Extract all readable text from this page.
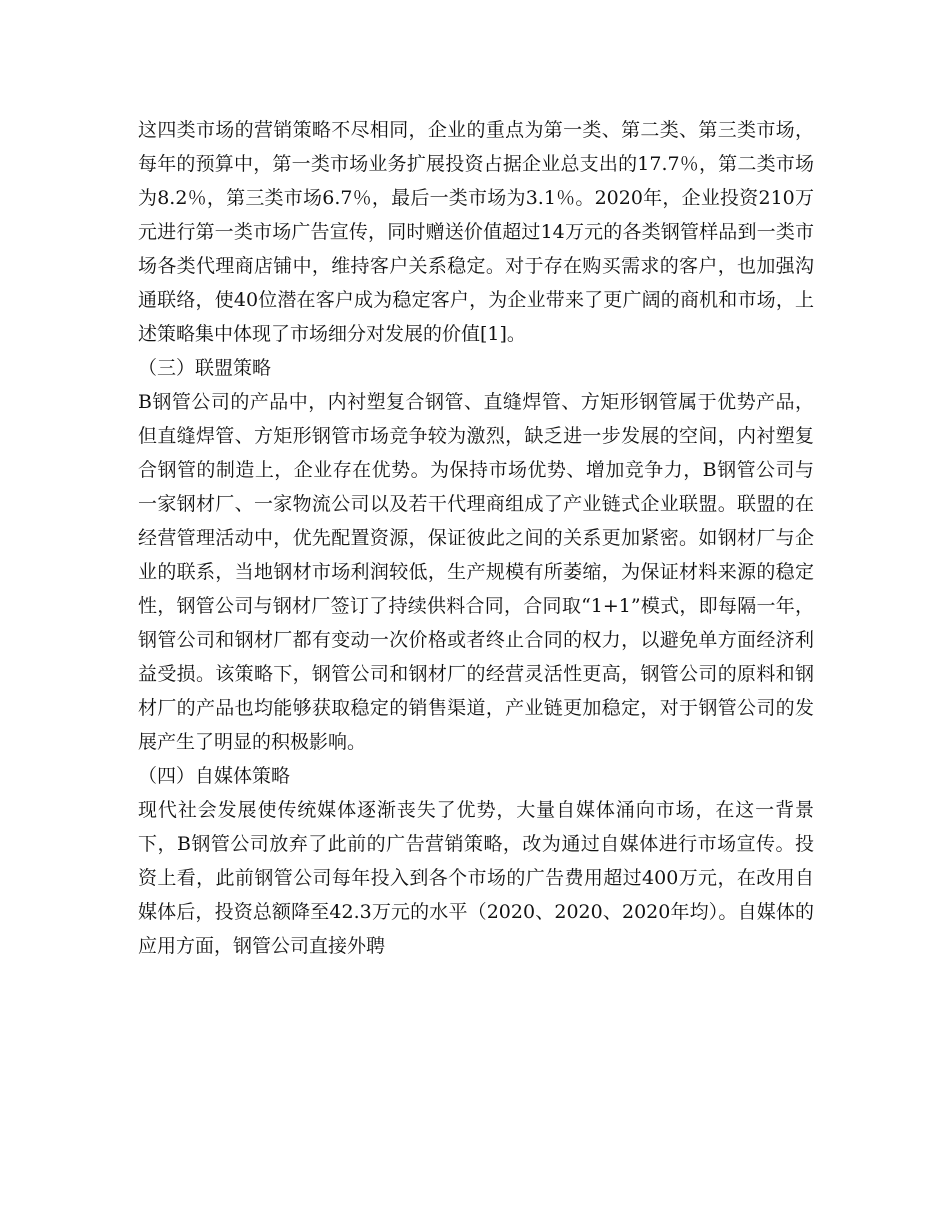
这四类市场的营销策略不尽相同，企业的重点为第一类、第二类、第三类市场，每年的预算中，第一类市场业务扩展投资占据企业总支出的17.7％，第二类市场为8.2％，第三类市场6.7％，最后一类市场为3.1％。2020年，企业投资210万元进行第一类市场广告宣传，同时赠送价值超过14万元的各类钢管样品到一类市场各类代理商店铺中，维持客户关系稳定。对于存在购买需求的客户，也加强沟通联络，使40位潜在客户成为稳定客户，为企业带来了更广阔的商机和市场，上述策略集中体现了市场细分对发展的价值[1]。

（三）联盟策略

B钢管公司的产品中，内衬塑复合钢管、直缝焊管、方矩形钢管属于优势产品，但直缝焊管、方矩形钢管市场竞争较为激烈，缺乏进一步发展的空间，内衬塑复合钢管的制造上，企业存在优势。为保持市场优势、增加竞争力，B钢管公司与一家钢材厂、一家物流公司以及若干代理商组成了产业链式企业联盟。联盟的在经营管理活动中，优先配置资源，保证彼此之间的关系更加紧密。如钢材厂与企业的联系，当地钢材市场利润较低，生产规模有所萎缩，为保证材料来源的稳定性，钢管公司与钢材厂签订了持续供料合同，合同取“1+1”模式，即每隔一年，钢管公司和钢材厂都有变动一次价格或者终止合同的权力，以避免单方面经济利益受损。该策略下，钢管公司和钢材厂的经营灵活性更高，钢管公司的原料和钢材厂的产品也均能够获取稳定的销售渠道，产业链更加稳定，对于钢管公司的发展产生了明显的积极影响。

（四）自媒体策略

现代社会发展使传统媒体逐渐丧失了优势，大量自媒体涌向市场，在这一背景下，B钢管公司放弃了此前的广告营销策略，改为通过自媒体进行市场宣传。投资上看，此前钢管公司每年投入到各个市场的广告费用超过400万元，在改用自媒体后，投资总额降至42.3万元的水平（2020、2020、2020年均）。自媒体的应用方面，钢管公司直接外聘
